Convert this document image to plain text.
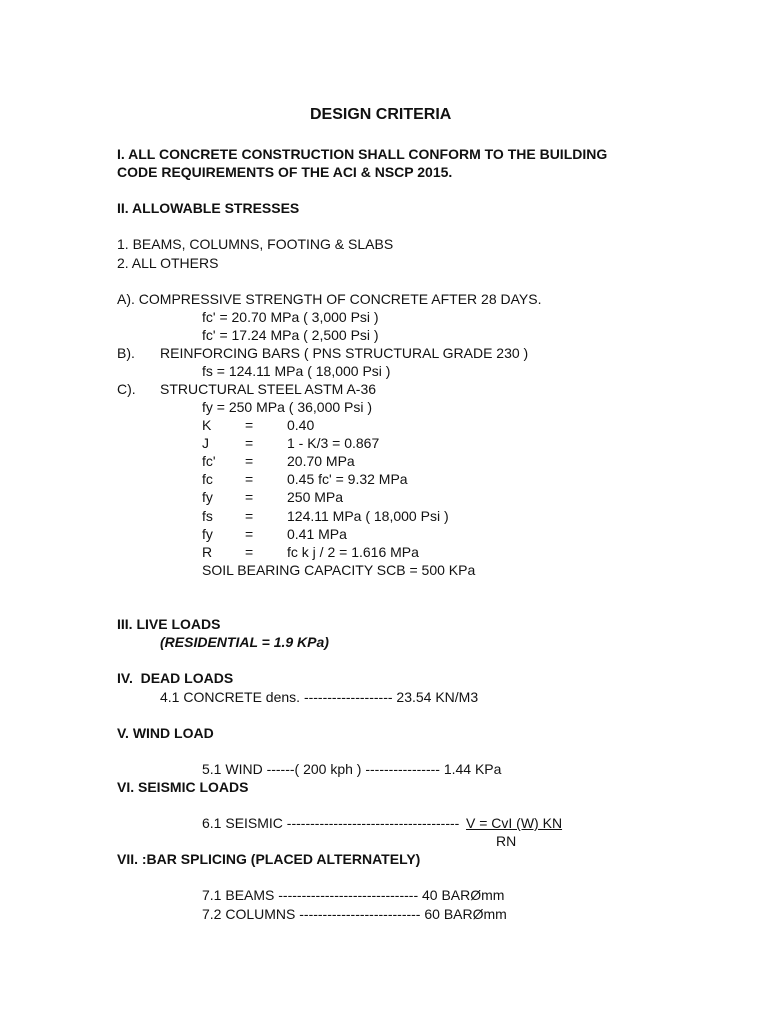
DESIGN CRITERIA
I. ALL CONCRETE CONSTRUCTION SHALL CONFORM TO THE BUILDING
CODE REQUIREMENTS OF THE ACI & NSCP 2015.
II. ALLOWABLE STRESSES
1. BEAMS, COLUMNS, FOOTING & SLABS
2. ALL OTHERS
A). COMPRESSIVE STRENGTH OF CONCRETE AFTER 28 DAYS.
fc' = 20.70 MPa ( 3,000 Psi )
fc' = 17.24 MPa ( 2,500 Psi )
B). REINFORCING BARS ( PNS STRUCTURAL GRADE 230 )
fs = 124.11 MPa ( 18,000 Psi )
C). STRUCTURAL STEEL ASTM A-36
fy = 250 MPa ( 36,000 Psi )
K = 0.40
J	= 1 - K/3 = 0.867
fc' = 20.70 MPa
fc = 0.45 fc' = 9.32 MPa
fy = 250 MPa
fs = 124.11 MPa ( 18,000 Psi )
fy = 0.41 MPa
R = fc k j / 2 = 1.616 MPa
SOIL BEARING CAPACITY SCB = 500 KPa
III. LIVE LOADS
(RESIDENTIAL = 1.9 KPa)
IV.  DEAD LOADS
4.1 CONCRETE dens. ------------------- 23.54 KN/M3
V. WIND LOAD
5.1 WIND ------( 200 kph ) ---------------- 1.44 KPa
VI. SEISMIC LOADS
6.1 SEISMIC ------------------------------------- V = CvI (W) KN
RN
VII. :BAR SPLICING (PLACED ALTERNATELY)
7.1 BEAMS ------------------------------ 40 BARØmm
7.2 COLUMNS -------------------------- 60 BARØmm
